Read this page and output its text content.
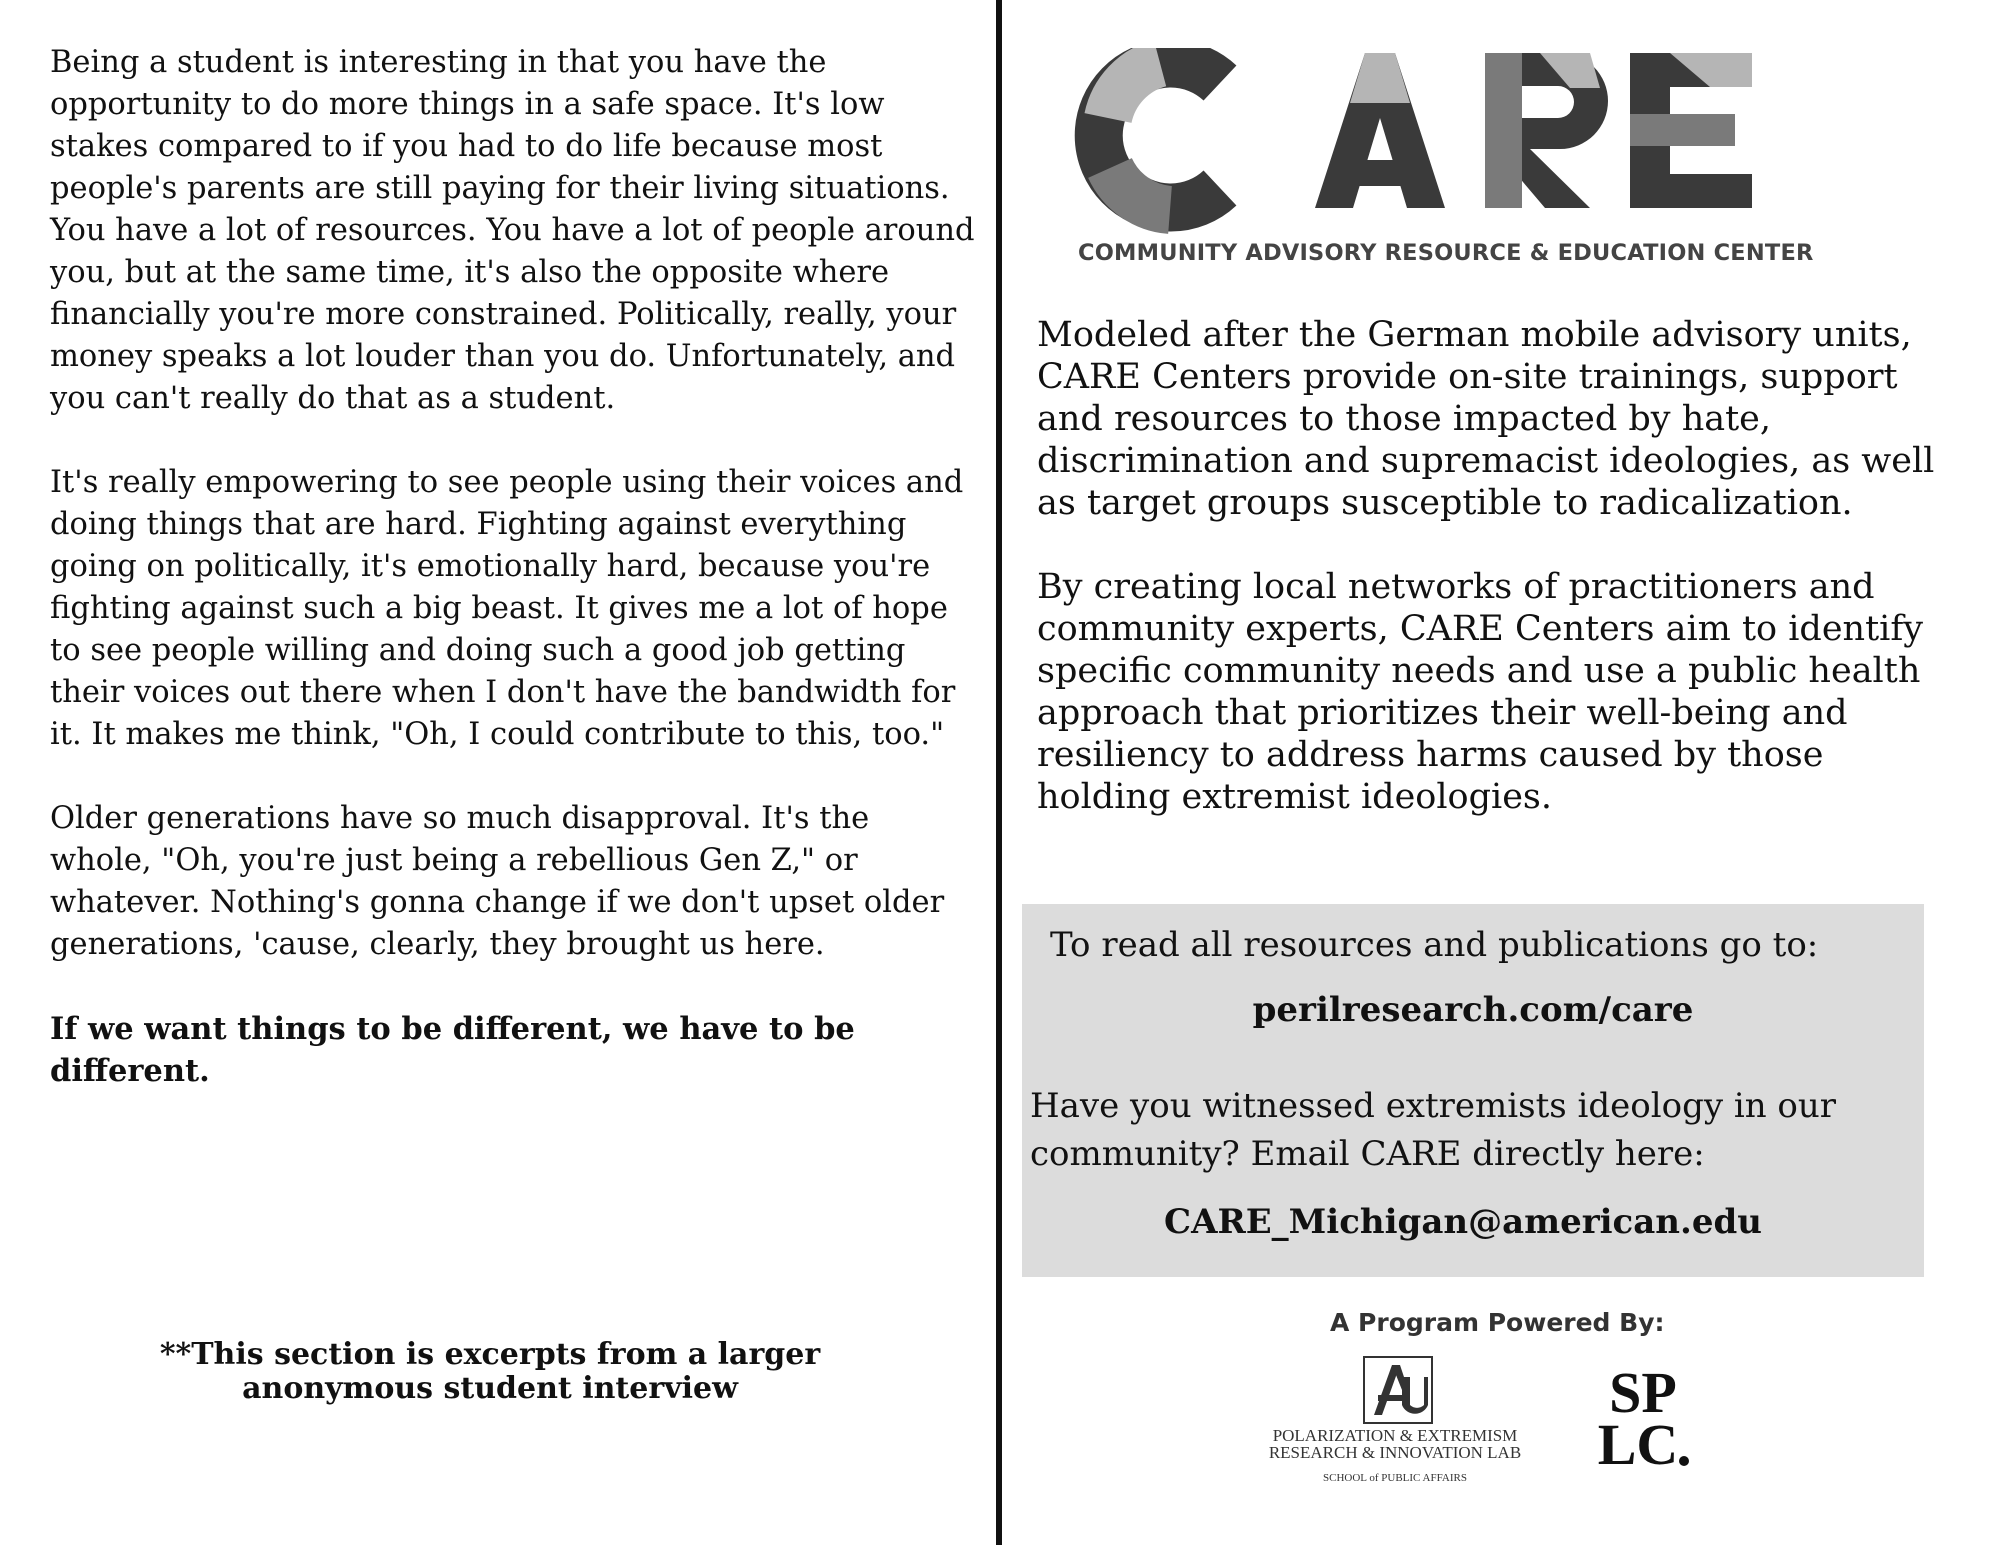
Being a student is interesting in that you have the opportunity to do more things in a safe space. It's low stakes compared to if you had to do life because most people's parents are still paying for their living situations. You have a lot of resources. You have a lot of people around you, but at the same time, it's also the opposite where financially you're more constrained. Politically, really, your money speaks a lot louder than you do. Unfortunately, and you can't really do that as a student.

It's really empowering to see people using their voices and doing things that are hard. Fighting against everything going on politically, it's emotionally hard, because you're fighting against such a big beast. It gives me a lot of hope to see people willing and doing such a good job getting their voices out there when I don't have the bandwidth for it. It makes me think, "Oh, I could contribute to this, too."

Older generations have so much disapproval. It's the whole, "Oh, you're just being a rebellious Gen Z," or whatever. Nothing's gonna change if we don't upset older generations, 'cause, clearly, they brought us here.

If we want things to be different, we have to be different.

**This section is excerpts from a larger
anonymous student interview
COMMUNITY ADVISORY RESOURCE & EDUCATION CENTER

Modeled after the German mobile advisory units, CARE Centers provide on-site trainings, support and resources to those impacted by hate, discrimination and supremacist ideologies, as well as target groups susceptible to radicalization.

By creating local networks of practitioners and community experts, CARE Centers aim to identify specific community needs and use a public health approach that prioritizes their well-being and resiliency to address harms caused by those holding extremist ideologies.

To read all resources and publications go to:
perilresearch.com/care
Have you witnessed extremists ideology in our community? Email CARE directly here:
CARE_Michigan@american.edu
A Program Powered By:
POLARIZATION & EXTREMISM
RESEARCH & INNOVATION LAB
SCHOOL of PUBLIC AFFAIRS
SP
LC
